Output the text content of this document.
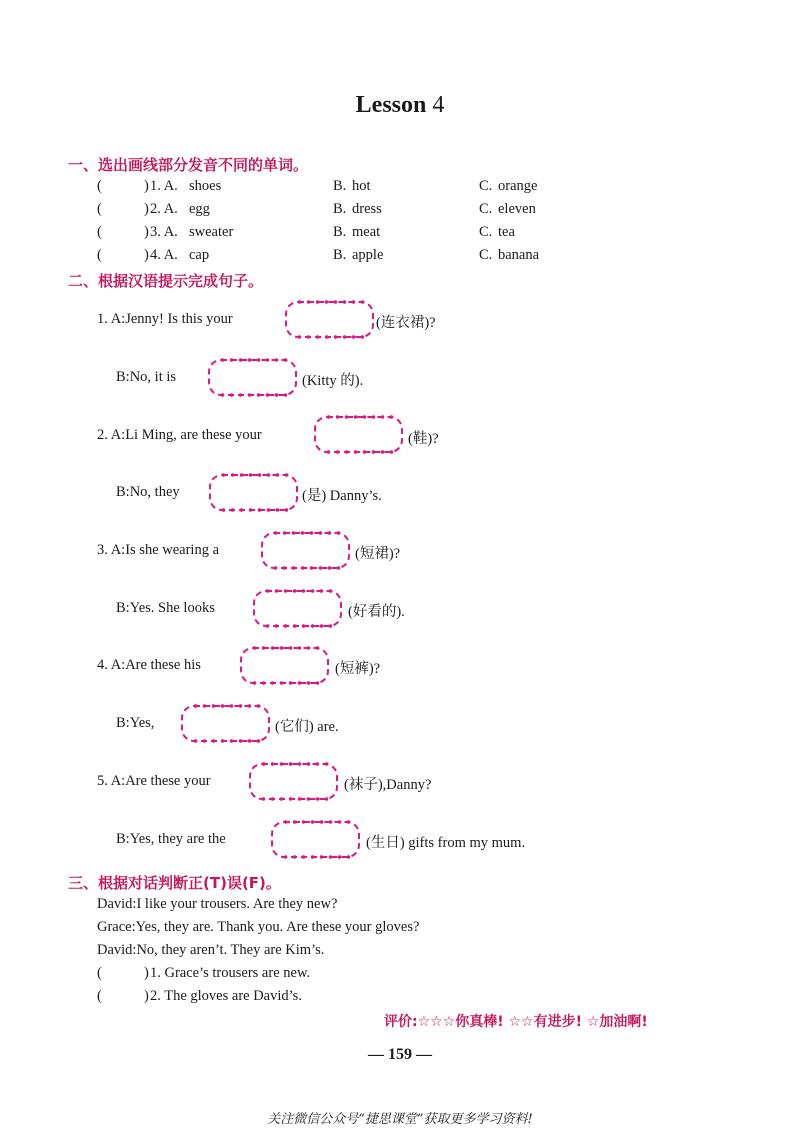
Lesson 4
一、选出画线部分发音不同的单词。
(	) 1. A. shoes	B. hot	C. orange
(	) 2. A. egg	B. dress	C. eleven
(	) 3. A. sweater	B. meat	C. tea
(	) 4. A. cap	B. apple	C. banana
二、根据汉语提示完成句子。
1. A:Jenny! Is this your	(连衣裙)?
B:No, it is	(Kitty 的).
2. A:Li Ming, are these your	(鞋)?
B:No, they	(是) Danny’s.
3. A:Is she wearing a	(短裙)?
B:Yes. She looks	(好看的).
4. A:Are these his	(短裤)?
B:Yes,	(它们) are.
5. A:Are these your	(袜子),Danny?
B:Yes, they are the	(生日) gifts from my mum.
三、根据对话判断正(T)误(F)。
David:I like your trousers. Are they new?
Grace:Yes, they are. Thank you. Are these your gloves?
David:No, they aren’t. They are Kim’s.
(	) 1. Grace’s trousers are new.
(	) 2. The gloves are David’s.
评价:☆☆☆你真棒! ☆☆有进步! ☆加油啊!
— 159 —
关注微信公众号“捷思课堂”获取更多学习资料!
